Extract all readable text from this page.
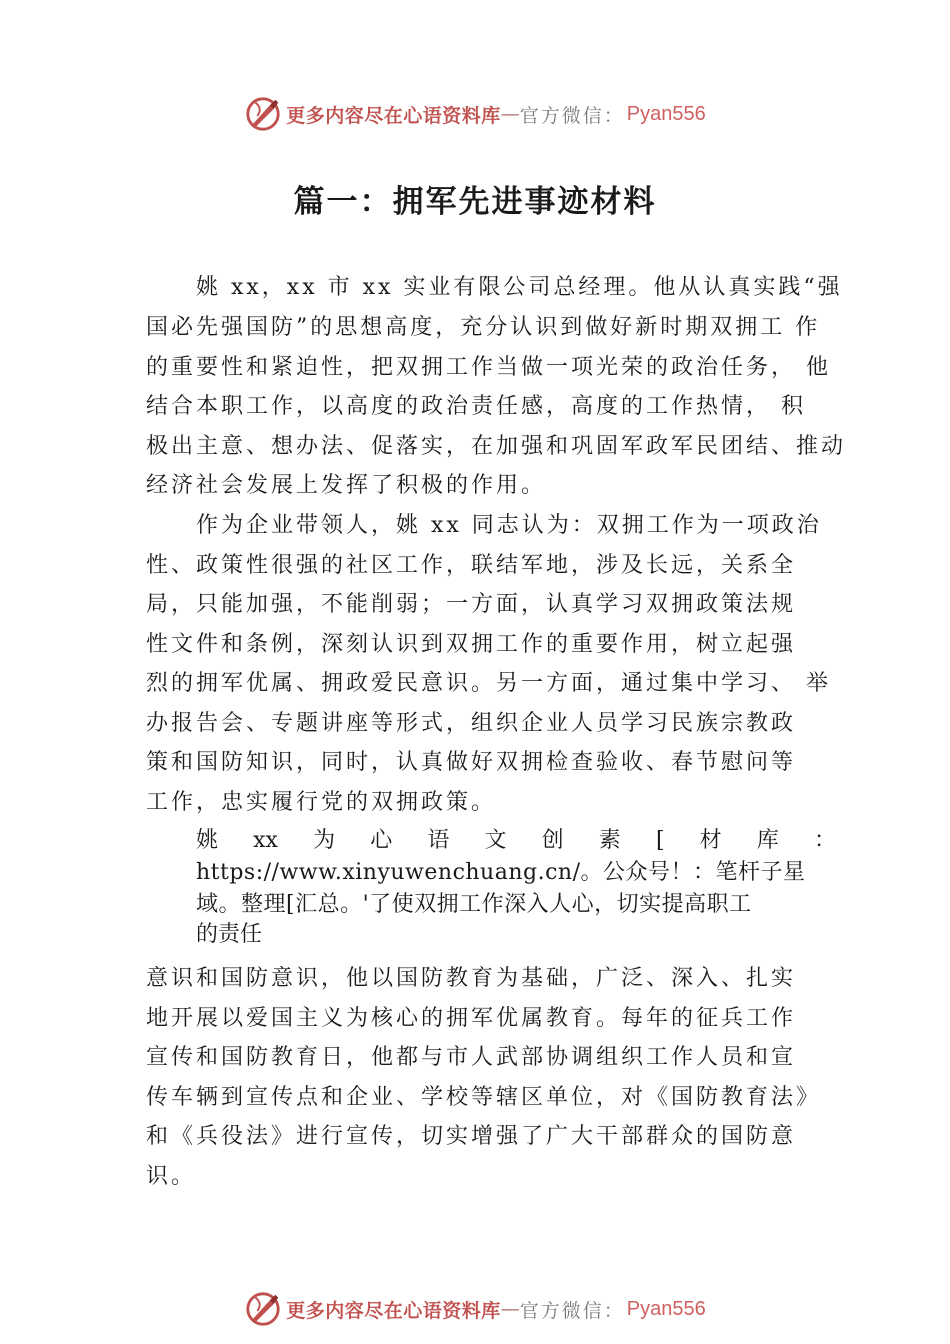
更多内容尽在心语资料库 — 官方微信： Pyan556
篇一：拥军先进事迹材料
姚 xx，xx 市 xx 实业有限公司总经理。他从认真实践“强
国必先强国防”的思想高度，充分认识到做好新时期双拥工 作
的重要性和紧迫性，把双拥工作当做一项光荣的政治任务， 他
结合本职工作，以高度的政治责任感，高度的工作热情， 积
极出主意、想办法、促落实，在加强和巩固军政军民团结、推动
经济社会发展上发挥了积极的作用。
作为企业带领人，姚 xx 同志认为：双拥工作为一项政治
性、政策性很强的社区工作，联结军地，涉及长远，关系全
局，只能加强，不能削弱；一方面，认真学习双拥政策法规
性文件和条例，深刻认识到双拥工作的重要作用，树立起强
烈的拥军优属、拥政爱民意识。另一方面，通过集中学习、 举
办报告会、专题讲座等形式，组织企业人员学习民族宗教政
策和国防知识，同时，认真做好双拥检查验收、春节慰问等
工作，忠实履行党的双拥政策。
姚 xx 为 心 语 文 创 素 [ 材 库 ：
https://www.xinyuwenchuang.cn/。公众号！：笔杆子星
域。整理[汇总。'了使双拥工作深入人心，切实提高职工
的责任
意识和国防意识，他以国防教育为基础，广泛、深入、扎实
地开展以爱国主义为核心的拥军优属教育。每年的征兵工作
宣传和国防教育日，他都与市人武部协调组织工作人员和宣
传车辆到宣传点和企业、学校等辖区单位，对《国防教育法》
和《兵役法》进行宣传，切实增强了广大干部群众的国防意
识。
更多内容尽在心语资料库 — 官方微信： Pyan556
